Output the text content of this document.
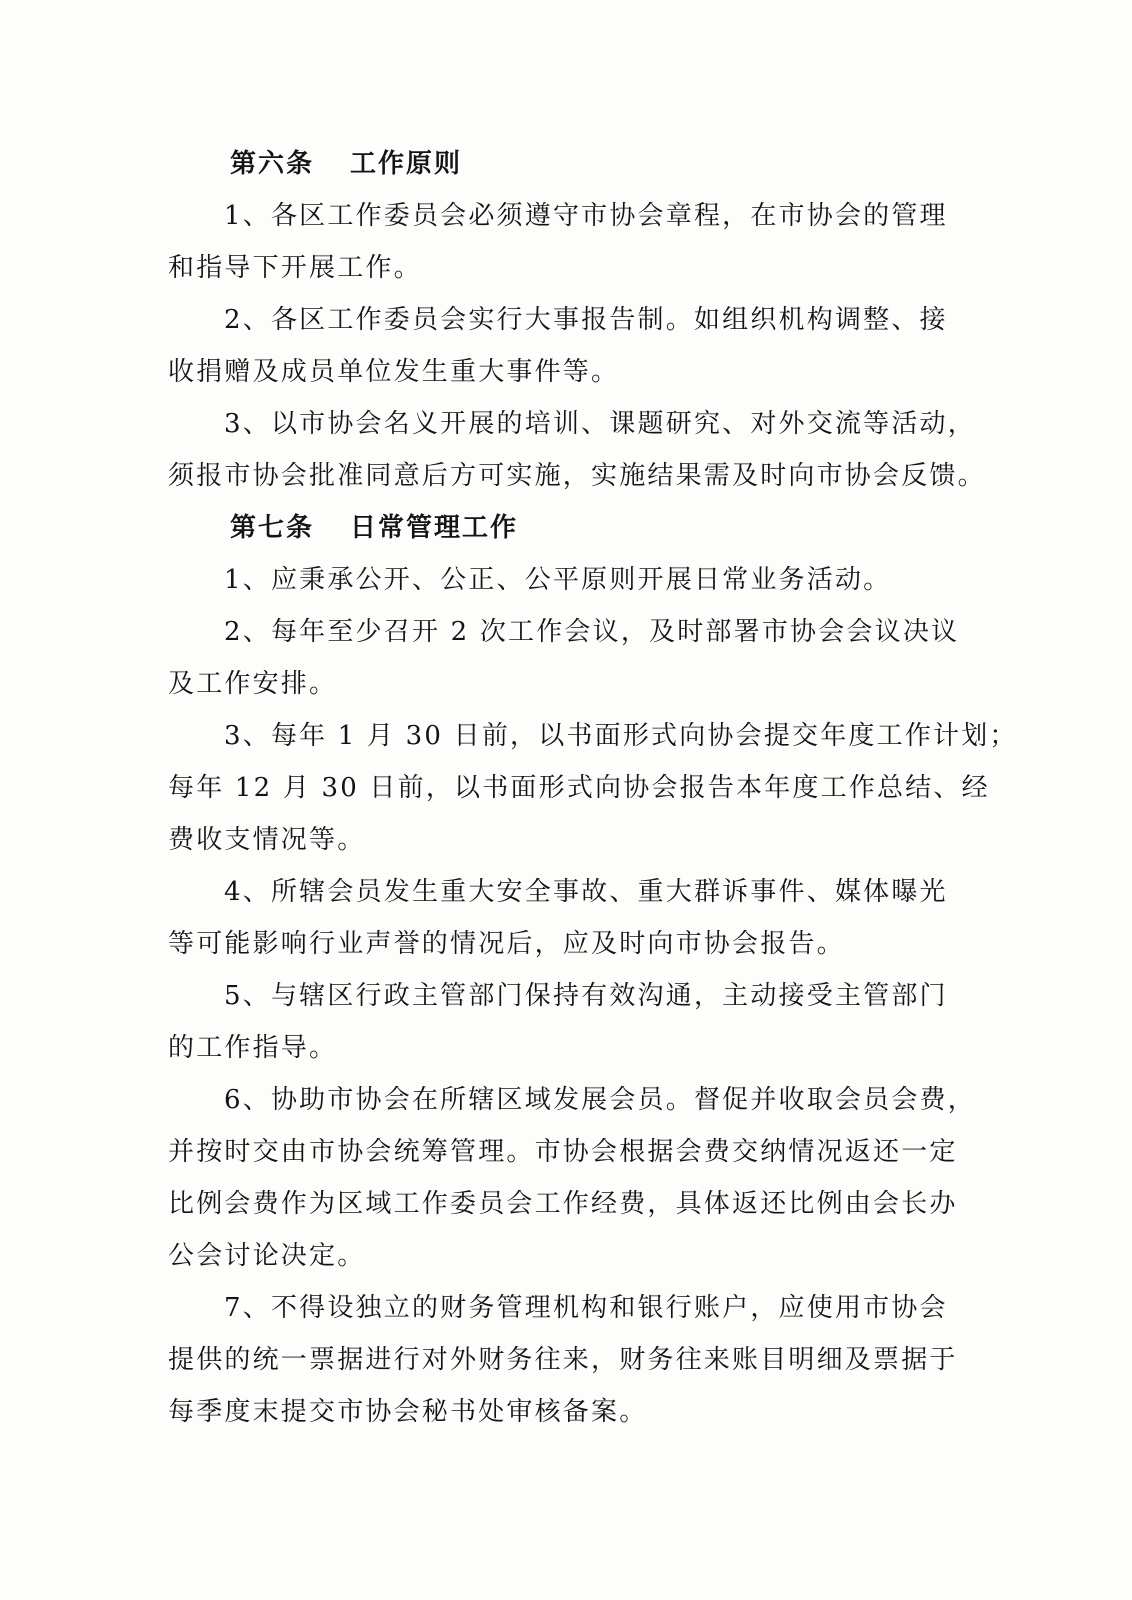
第六条 工作原则
1、各区工作委员会必须遵守市协会章程，在市协会的管理
和指导下开展工作。
2、各区工作委员会实行大事报告制。如组织机构调整、接
收捐赠及成员单位发生重大事件等。
3、以市协会名义开展的培训、课题研究、对外交流等活动，
须报市协会批准同意后方可实施，实施结果需及时向市协会反馈。
第七条 日常管理工作
1、应秉承公开、公正、公平原则开展日常业务活动。
2、每年至少召开 2 次工作会议，及时部署市协会会议决议
及工作安排。
3、每年 1 月 30 日前，以书面形式向协会提交年度工作计划；
每年 12 月 30 日前，以书面形式向协会报告本年度工作总结、经
费收支情况等。
4、所辖会员发生重大安全事故、重大群诉事件、媒体曝光
等可能影响行业声誉的情况后，应及时向市协会报告。
5、与辖区行政主管部门保持有效沟通，主动接受主管部门
的工作指导。
6、协助市协会在所辖区域发展会员。督促并收取会员会费，
并按时交由市协会统筹管理。市协会根据会费交纳情况返还一定
比例会费作为区域工作委员会工作经费，具体返还比例由会长办
公会讨论决定。
7、不得设独立的财务管理机构和银行账户，应使用市协会
提供的统一票据进行对外财务往来，财务往来账目明细及票据于
每季度末提交市协会秘书处审核备案。
